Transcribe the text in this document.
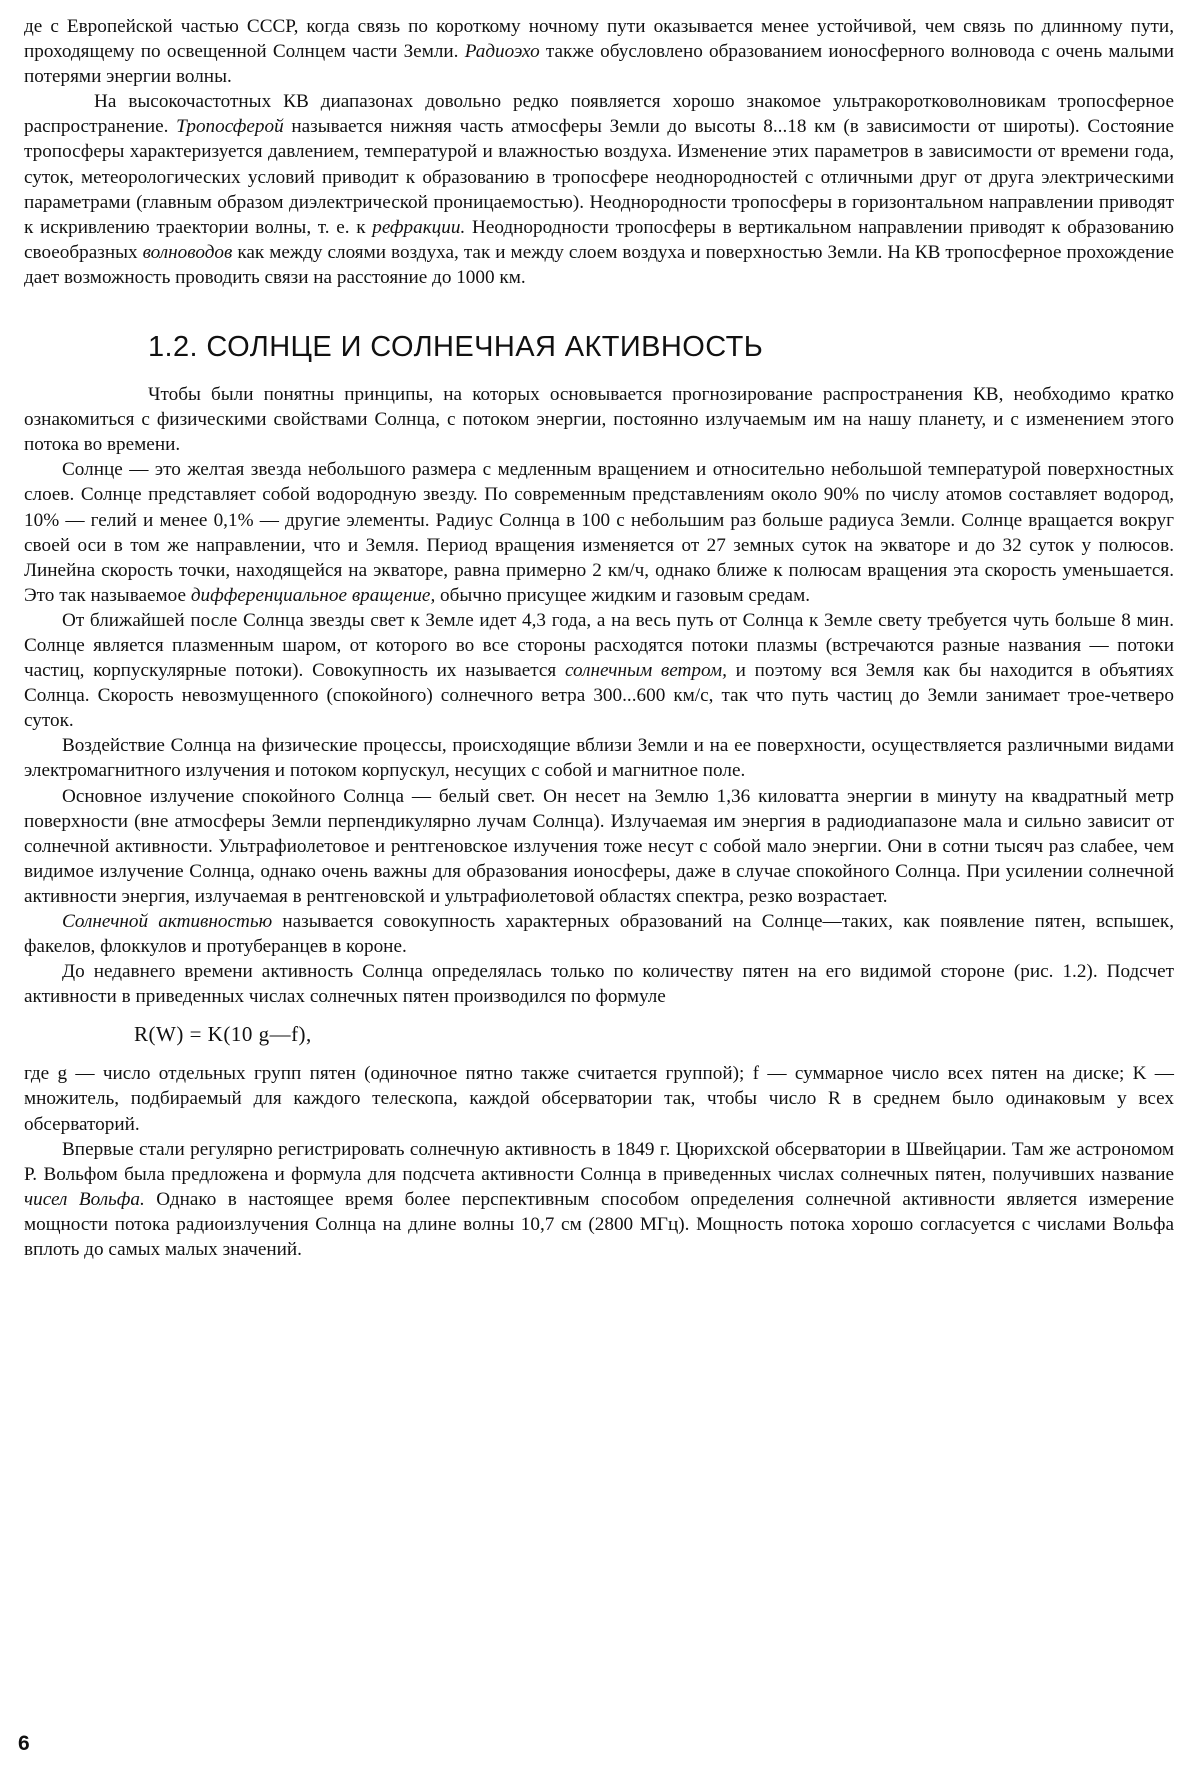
де с Европейской частью СССР, когда связь по короткому ночному пути оказывается менее устойчивой, чем связь по длинному пути, проходящему по освещенной Солнцем части Земли. Радиоэхо также обусловлено образованием ионосферного волновода с очень малыми потерями энергии волны.

На высокочастотных КВ диапазонах довольно редко появляется хорошо знакомое ультракоротковолновикам тропосферное распространение. Тропосферой называется нижняя часть атмосферы Земли до высоты 8...18 км (в зависимости от широты). Состояние тропосферы характеризуется давлением, температурой и влажностью воздуха. Изменение этих параметров в зависимости от времени года, суток, метеорологических условий приводит к образованию в тропосфере неоднородностей с отличными друг от друга электрическими параметрами (главным образом диэлектрической проницаемостью). Неоднородности тропосферы в горизонтальном направлении приводят к искривлению траектории волны, т. е. к рефракции. Неоднородности тропосферы в вертикальном направлении приводят к образованию своеобразных волноводов как между слоями воздуха, так и между слоем воздуха и поверхностью Земли. На КВ тропосферное прохождение дает возможность проводить связи на расстояние до 1000 км.

1.2. СОЛНЦЕ И СОЛНЕЧНАЯ АКТИВНОСТЬ

Чтобы были понятны принципы, на которых основывается прогнозирование распространения КВ, необходимо кратко ознакомиться с физическими свойствами Солнца, с потоком энергии, постоянно излучаемым им на нашу планету, и с изменением этого потока во времени.

Солнце — это желтая звезда небольшого размера с медленным вращением и относительно небольшой температурой поверхностных слоев. Солнце представляет собой водородную звезду. По современным представлениям около 90% по числу атомов составляет водород, 10% — гелий и менее 0,1% — другие элементы. Радиус Солнца в 100 с небольшим раз больше радиуса Земли. Солнце вращается вокруг своей оси в том же направлении, что и Земля. Период вращения изменяется от 27 земных суток на экваторе и до 32 суток у полюсов. Линейна скорость точки, находящейся на экваторе, равна примерно 2 км/ч, однако ближе к полюсам вращения эта скорость уменьшается. Это так называемое дифференциальное вращение, обычно присущее жидким и газовым средам.

От ближайшей после Солнца звезды свет к Земле идет 4,3 года, а на весь путь от Солнца к Земле свету требуется чуть больше 8 мин. Солнце является плазменным шаром, от которого во все стороны расходятся потоки плазмы (встречаются разные названия — потоки частиц, корпускулярные потоки). Совокупность их называется солнечным ветром, и поэтому вся Земля как бы находится в объятиях Солнца. Скорость невозмущенного (спокойного) солнечного ветра 300...600 км/с, так что путь частиц до Земли занимает трое-четверо суток.

Воздействие Солнца на физические процессы, происходящие вблизи Земли и на ее поверхности, осуществляется различными видами электромагнитного излучения и потоком корпускул, несущих с собой и магнитное поле.

Основное излучение спокойного Солнца — белый свет. Он несет на Землю 1,36 киловатта энергии в минуту на квадратный метр поверхности (вне атмосферы Земли перпендикулярно лучам Солнца). Излучаемая им энергия в радиодиапазоне мала и сильно зависит от солнечной активности. Ультрафиолетовое и рентгеновское излучения тоже несут с собой мало энергии. Они в сотни тысяч раз слабее, чем видимое излучение Солнца, однако очень важны для образования ионосферы, даже в случае спокойного Солнца. При усилении солнечной активности энергия, излучаемая в рентгеновской и ультрафиолетовой областях спектра, резко возрастает.

Солнечной активностью называется совокупность характерных образований на Солнце—таких, как появление пятен, вспышек, факелов, флоккулов и протуберанцев в короне.

До недавнего времени активность Солнца определялась только по количеству пятен на его видимой стороне (рис. 1.2). Подсчет активности в приведенных числах солнечных пятен производился по формуле

R(W) = K(10 g—f),

где g — число отдельных групп пятен (одиночное пятно также считается группой); f — суммарное число всех пятен на диске; K — множитель, подбираемый для каждого телескопа, каждой обсерватории так, чтобы число R в среднем было одинаковым у всех обсерваторий.

Впервые стали регулярно регистрировать солнечную активность в 1849 г. Цюрихской обсерватории в Швейцарии. Там же астрономом Р. Вольфом была предложена и формула для подсчета активности Солнца в приведенных числах солнечных пятен, получивших название чисел Вольфа. Однако в настоящее время более перспективным способом определения солнечной активности является измерение мощности потока радиоизлучения Солнца на длине волны 10,7 см (2800 МГц). Мощность потока хорошо согласуется с числами Вольфа вплоть до самых малых значений.

6
